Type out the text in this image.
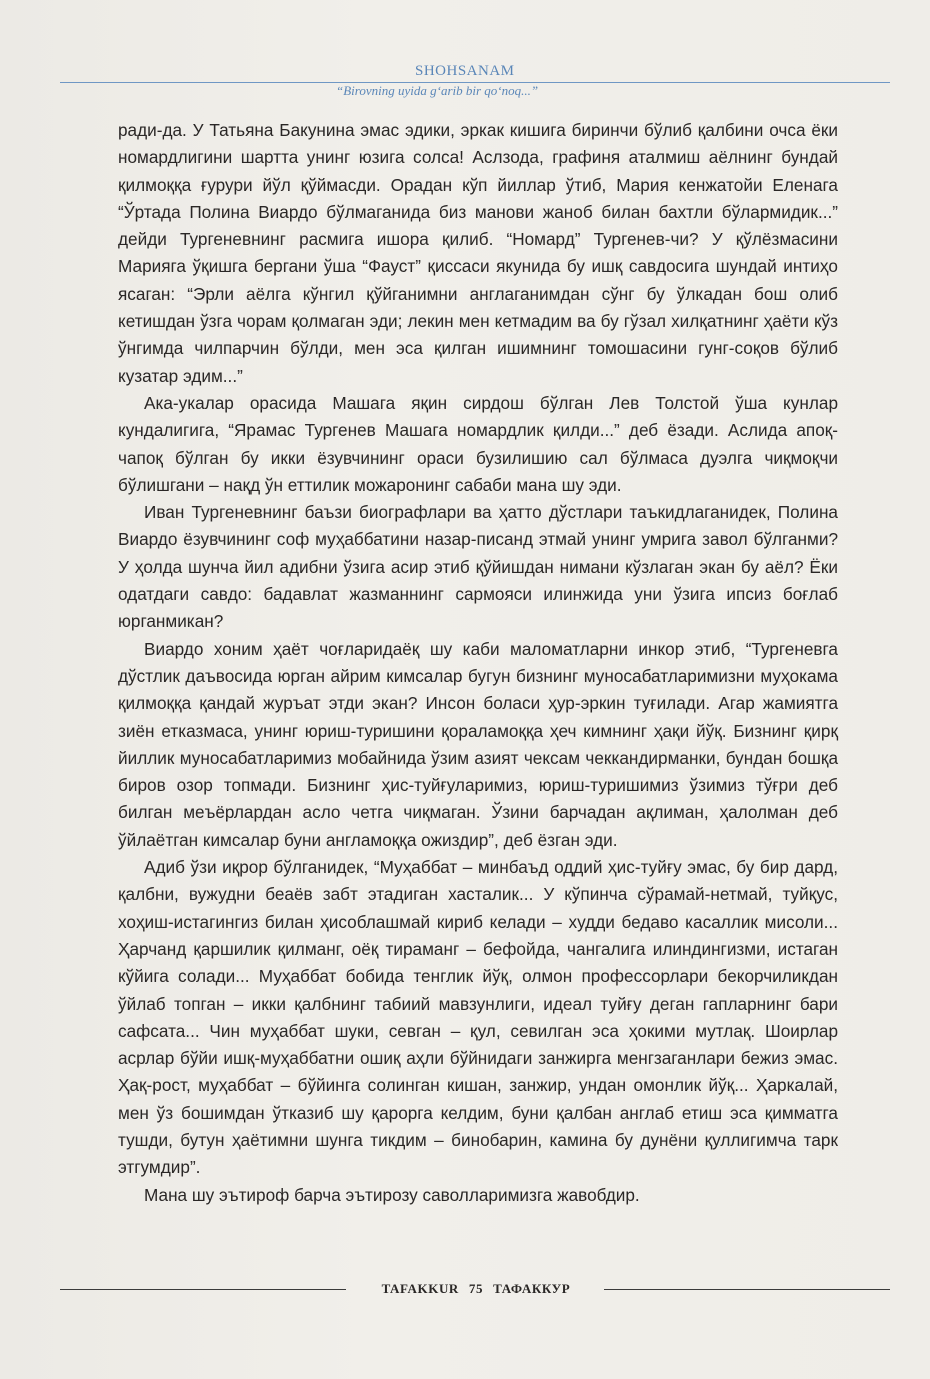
SHOHSANAM
“Birovning uyida g‘arib bir qo‘noq...”

ради-да. У Татьяна Бакунина эмас эдики, эркак кишига биринчи бўлиб қалбини очса ёки номардлигини шартта унинг юзига солса! Аслзода, графиня аталмиш аёлнинг бундай қилмоққа ғурури йўл қўймасди. Орадан кўп йиллар ўтиб, Мария кенжатойи Еленага “Ўртада Полина Виардо бўлмаганида биз манови жаноб билан бахтли бўлармидик...” дейди Тургеневнинг расмига ишора қилиб. “Номард” Тургенев-чи? У қўлёзмасини Марияга ўқишга бергани ўша “Фауст” қиссаси якунида бу ишқ савдосига шундай интиҳо ясаган: “Эрли аёлга кўнгил қўйганимни англаганимдан сўнг бу ўлкадан бош олиб кетишдан ўзга чорам қолмаган эди; лекин мен кетмадим ва бу гўзал хилқатнинг ҳаёти кўз ўнгимда чилпарчин бўлди, мен эса қилган ишимнинг томошасини гунг-соқов бўлиб кузатар эдим...”

Ака-укалар орасида Машага яқин сирдош бўлган Лев Толстой ўша кунлар кундалигига, “Ярамас Тургенев Машага номардлик қилди...” деб ёзади. Аслида апоқ-чапоқ бўлган бу икки ёзувчининг ораси бузилишию сал бўлмаса дуэлга чиқмоқчи бўлишгани – нақд ўн еттилик можаронинг сабаби мана шу эди.

Иван Тургеневнинг баъзи биографлари ва ҳатто дўстлари таъкидлаганидек, Полина Виардо ёзувчининг соф муҳаббатини назар-писанд этмай унинг умрига завол бўлганми? У ҳолда шунча йил адибни ўзига асир этиб қўйишдан нимани кўзлаган экан бу аёл? Ёки одатдаги савдо: бадавлат жазманнинг сармояси илинжида уни ўзига ипсиз боғлаб юрганмикан?

Виардо хоним ҳаёт чоғларидаёқ шу каби маломатларни инкор этиб, “Тургеневга дўстлик даъвосида юрган айрим кимсалар бугун бизнинг муносабатларимизни муҳокама қилмоққа қандай журъат этди экан? Инсон боласи ҳур-эркин туғилади. Агар жамиятга зиён етказмаса, унинг юриш-туришини қораламоққа ҳеч кимнинг ҳақи йўқ. Бизнинг қирқ йиллик муносабатларимиз мобайнида ўзим азият чексам чеккандирманки, бундан бошқа биров озор топмади. Бизнинг ҳис-туйғуларимиз, юриш-туришимиз ўзимиз тўғри деб билган меъёрлардан асло четга чиқмаган. Ўзини барчадан ақлиман, ҳалолман деб ўйлаётган кимсалар буни англамоққа ожиздир”, деб ёзган эди.

Адиб ўзи иқрор бўлганидек, “Муҳаббат – минбаъд оддий ҳис-туйғу эмас, бу бир дард, қалбни, вужудни беаёв забт этадиган хасталик... У кўпинча сўрамай-нетмай, туйқус, хоҳиш-истагингиз билан ҳисоблашмай кириб келади – худди бедаво касаллик мисоли... Ҳарчанд қаршилик қилманг, оёқ тираманг – бефойда, чангалига илиндингизми, истаган кўйига солади... Муҳаббат бобида тенглик йўқ, олмон профессорлари бекорчиликдан ўйлаб топган – икки қалбнинг табиий мавзунлиги, идеал туйғу деган гапларнинг бари сафсата... Чин муҳаббат шуки, севган – қул, севилган эса ҳокими мутлақ. Шоирлар асрлар бўйи ишқ-муҳаббатни ошиқ аҳли бўйнидаги занжирга менгзаганлари бежиз эмас. Ҳақ-рост, муҳаббат – бўйинга солинган кишан, занжир, ундан омонлик йўқ... Ҳаркалай, мен ўз бошимдан ўтказиб шу қарорга келдим, буни қалбан англаб етиш эса қимматга тушди, бутун ҳаётимни шунга тикдим – бинобарин, камина бу дунёни қуллигимча тарк этгумдир”.

Мана шу эътироф барча эътирозу саволларимизга жавобдир.

TAFAKKUR 75 ТАФАККУР
